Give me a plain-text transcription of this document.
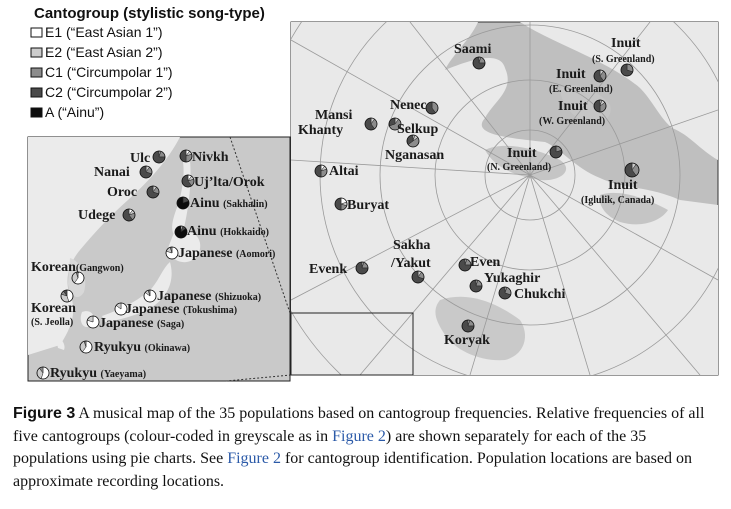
Cantogroup (stylistic song-type)
E1 (“East Asian 1”)
E2 (“East Asian 2”)
C1 (“Circumpolar 1”)
C2 (“Circumpolar 2”)
A (“Ainu”)
Ulc	Nivkh
Nanai
Uj’lta/Orok
Oroc
Ainu (Sakhalin)
Udege
Ainu (Hokkaido)
Japanese (Aomori)
Korean(Gangwon)
Japanese (Shizuoka)
Korean
(S. Jeolla)
Japanese (Tokushima)
Japanese (Saga)
Ryukyu (Okinawa)
Ryukyu (Yaeyama)
Saami	Inuit
(S. Greenland)
Inuit
(E. Greenland)
Inuit
(W. Greenland)
Mansi
Khanty
Nenec
Selkup
Nganasan	Inuit
(N. Greenland)
Inuit
(Iglulik, Canada)
Altai
Buryat
Sakha
/Yakut	Even
Yukaghir
Chukchi
Evenk
Koryak
Figure 3 A musical map of the 35 populations based on cantogroup frequencies. Relative frequencies of all five cantogroups (colour-coded in greyscale as in Figure 2) are shown separately for each of the 35 populations using pie charts. See Figure 2 for cantogroup identification. Population locations are based on approximate recording locations.
